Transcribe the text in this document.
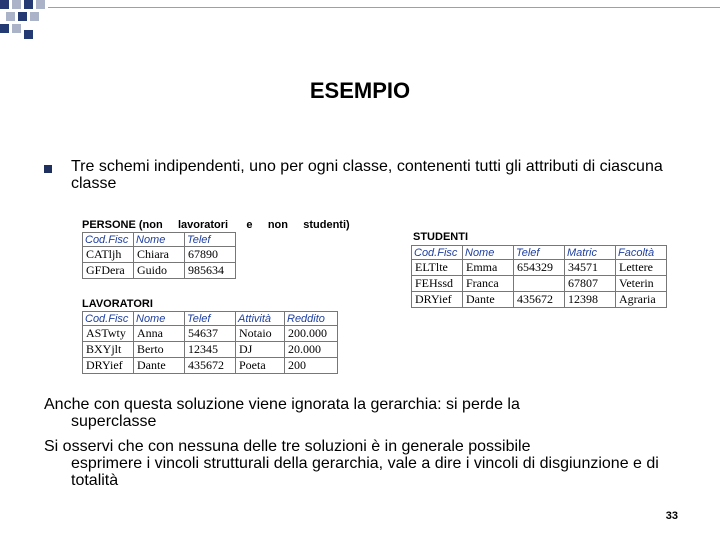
ESEMPIO
Tre schemi indipendenti, uno per ogni classe, contenenti tutti gli attributi di ciascuna classe
PERSONE (non     lavoratori      e     non     studenti)
Cod.Fisc	Nome	Telef
CATljh	Chiara	67890
GFDera	Guido	985634
LAVORATORI
Cod.Fisc	Nome	Telef	Attività	Reddito
ASTwty	Anna	54637	Notaio	200.000
BXYjlt	Berto	12345	DJ	20.000
DRYief	Dante	435672	Poeta	200
STUDENTI
Cod.Fisc	Nome	Telef	Matric	Facoltà
ELTlte	Emma	654329	34571	Lettere
FEHssd	Franca		67807	Veterin
DRYief	Dante	435672	12398	Agraria
Anche con questa soluzione viene ignorata la gerarchia: si perde la
superclasse
Si osservi che con nessuna delle tre soluzioni è in generale possibile
esprimere i vincoli strutturali della gerarchia, vale a dire i vincoli di disgiunzione e di totalità
33
